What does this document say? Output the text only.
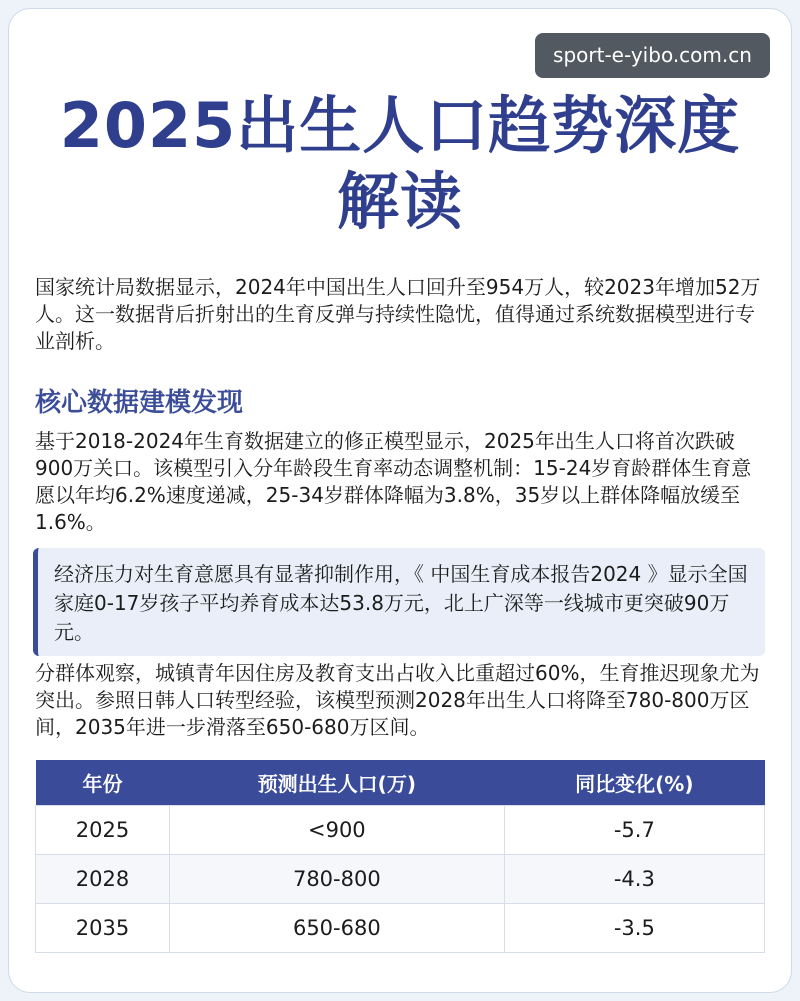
sport-e-yibo.com.cn
2025出生人口趋势深度
解读
国家统计局数据显示，2024年中国出生人口回升至954万人，较2023年增加52万人。这一数据背后折射出的生育反弹与持续性隐忧，值得通过系统数据模型进行专业剖析。
核心数据建模发现
基于2018-2024年生育数据建立的修正模型显示，2025年出生人口将首次跌破900万关口。该模型引入分年龄段生育率动态调整机制：15-24岁育龄群体生育意愿以年均6.2%速度递减，25-34岁群体降幅为3.8%，35岁以上群体降幅放缓至1.6%。
经济压力对生育意愿具有显著抑制作用，《 中国生育成本报告2024 》显示全国家庭0-17岁孩子平均养育成本达53.8万元，北上广深等一线城市更突破90万元。
分群体观察，城镇青年因住房及教育支出占收入比重超过60%，生育推迟现象尤为突出。参照日韩人口转型经验，该模型预测2028年出生人口将降至780-800万区间，2035年进一步滑落至650-680万区间。
年份	预测出生人口(万)	同比变化(%)
2025	<900	-5.7
2028	780-800	-4.3
2035	650-680	-3.5
